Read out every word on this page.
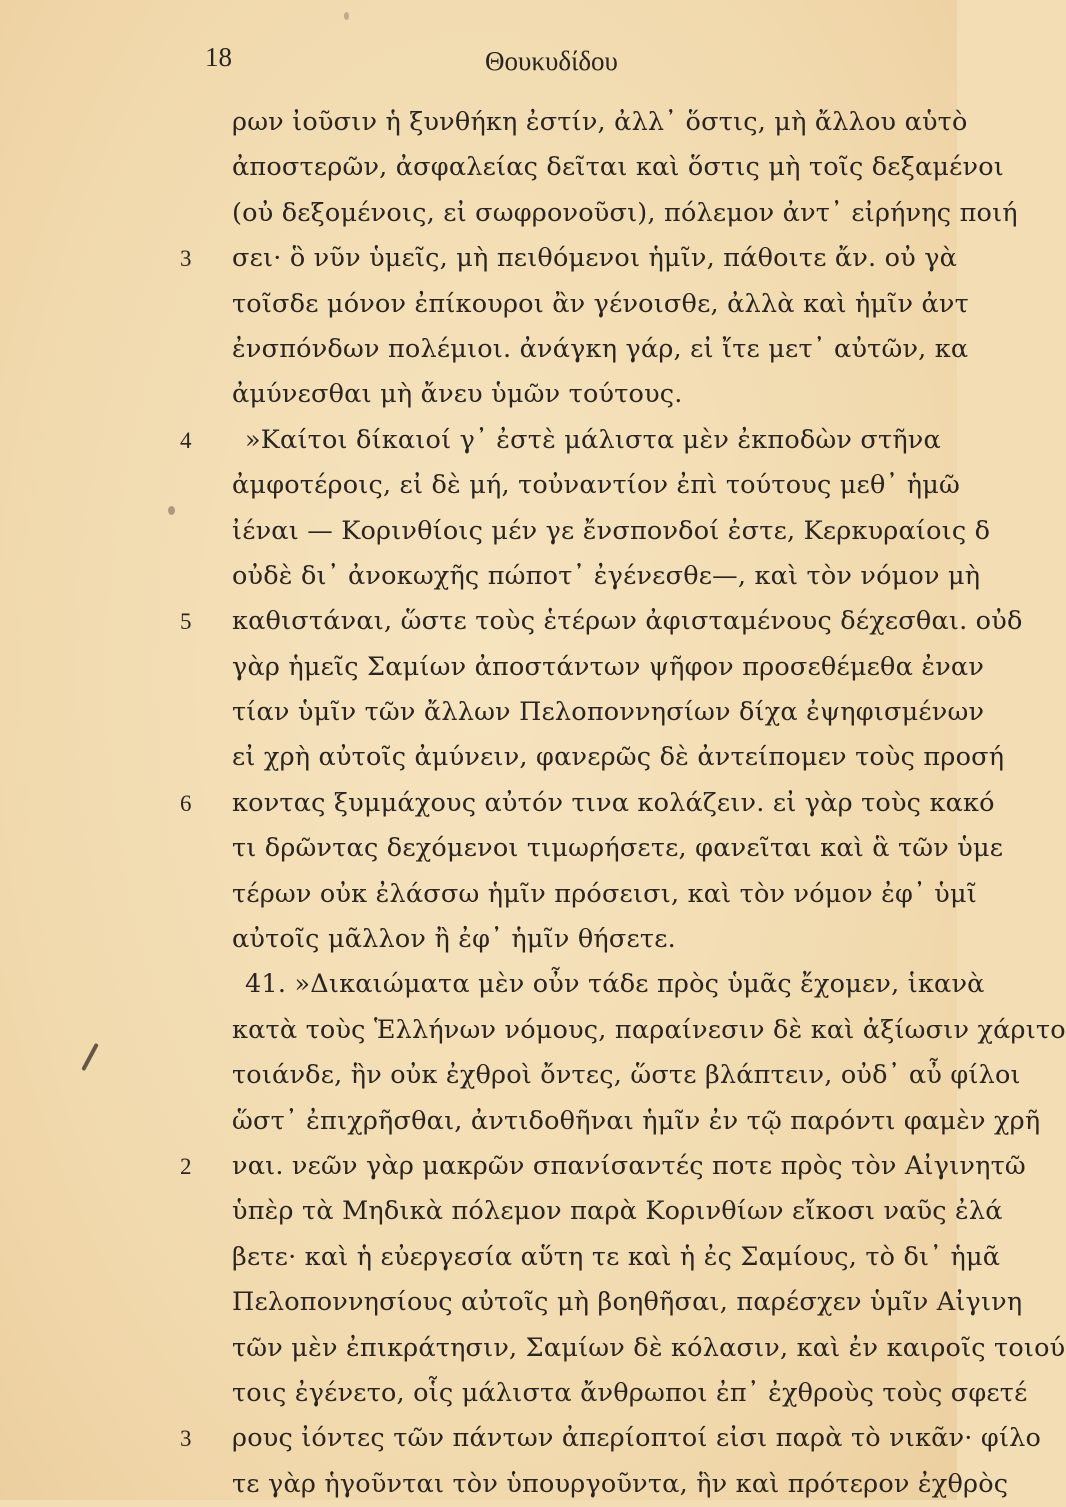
18	Θουκυδίδου
ρων ἰοῦσιν ἡ ξυνθήκη ἐστίν, ἀλλ᾽ ὅστις, μὴ ἄλλου αὑτὸ
ἀποστερῶν, ἀσφαλείας δεῖται καὶ ὅστις μὴ τοῖς δεξαμένοι
(οὐ δεξομένοις, εἰ σωφρονοῦσι), πόλεμον ἀντ᾽ εἰρήνης ποιή
3 σει· ὃ νῦν ὑμεῖς, μὴ πειθόμενοι ἡμῖν, πάθοιτε ἄν. οὐ γὰ
τοῖσδε μόνον ἐπίκουροι ἂν γένοισθε, ἀλλὰ καὶ ἡμῖν ἀντ
ἐνσπόνδων πολέμιοι. ἀνάγκη γάρ, εἰ ἴτε μετ᾽ αὐτῶν, κα
ἀμύνεσθαι μὴ ἄνευ ὑμῶν τούτους.
4 »Καίτοι δίκαιοί γ᾽ ἐστὲ μάλιστα μὲν ἐκποδὼν στῆνα
ἀμφοτέροις, εἰ δὲ μή, τοὐναντίον ἐπὶ τούτους μεθ᾽ ἡμῶ
ἰέναι — Κορινθίοις μέν γε ἔνσπονδοί ἐστε, Κερκυραίοις δ
οὐδὲ δι᾽ ἀνοκωχῆς πώποτ᾽ ἐγένεσθε—, καὶ τὸν νόμον μὴ
5 καθιστάναι, ὥστε τοὺς ἑτέρων ἀφισταμένους δέχεσθαι. οὐδ
γὰρ ἡμεῖς Σαμίων ἀποστάντων ψῆφον προσεθέμεθα ἐναν
τίαν ὑμῖν τῶν ἄλλων Πελοποννησίων δίχα ἐψηφισμένων
εἰ χρὴ αὐτοῖς ἀμύνειν, φανερῶς δὲ ἀντείπομεν τοὺς προσή
6 κοντας ξυμμάχους αὐτόν τινα κολάζειν. εἰ γὰρ τοὺς κακό
τι δρῶντας δεχόμενοι τιμωρήσετε, φανεῖται καὶ ἃ τῶν ὑμε
τέρων οὐκ ἐλάσσω ἡμῖν πρόσεισι, καὶ τὸν νόμον ἐφ᾽ ὑμῖ
αὐτοῖς μᾶλλον ἢ ἐφ᾽ ἡμῖν θήσετε.
41. »Δικαιώματα μὲν οὖν τάδε πρὸς ὑμᾶς ἔχομεν, ἱκανὰ
κατὰ τοὺς Ἑλλήνων νόμους, παραίνεσιν δὲ καὶ ἀξίωσιν χάριτο
τοιάνδε, ἣν οὐκ ἐχθροὶ ὄντες, ὥστε βλάπτειν, οὐδ᾽ αὖ φίλοι
ὥστ᾽ ἐπιχρῆσθαι, ἀντιδοθῆναι ἡμῖν ἐν τῷ παρόντι φαμὲν χρῆ
2 ναι. νεῶν γὰρ μακρῶν σπανίσαντές ποτε πρὸς τὸν Αἰγινητῶ
ὑπὲρ τὰ Μηδικὰ πόλεμον παρὰ Κορινθίων εἴκοσι ναῦς ἐλά
βετε· καὶ ἡ εὐεργεσία αὕτη τε καὶ ἡ ἐς Σαμίους, τὸ δι᾽ ἡμᾶ
Πελοποννησίους αὐτοῖς μὴ βοηθῆσαι, παρέσχεν ὑμῖν Αἰγινη
τῶν μὲν ἐπικράτησιν, Σαμίων δὲ κόλασιν, καὶ ἐν καιροῖς τοιού
τοις ἐγένετο, οἷς μάλιστα ἄνθρωποι ἐπ᾽ ἐχθροὺς τοὺς σφετέ
3 ρους ἰόντες τῶν πάντων ἀπερίοπτοί εἰσι παρὰ τὸ νικᾶν· φίλο
τε γὰρ ἡγοῦνται τὸν ὑπουργοῦντα, ἣν καὶ πρότερον ἐχθρὸς
